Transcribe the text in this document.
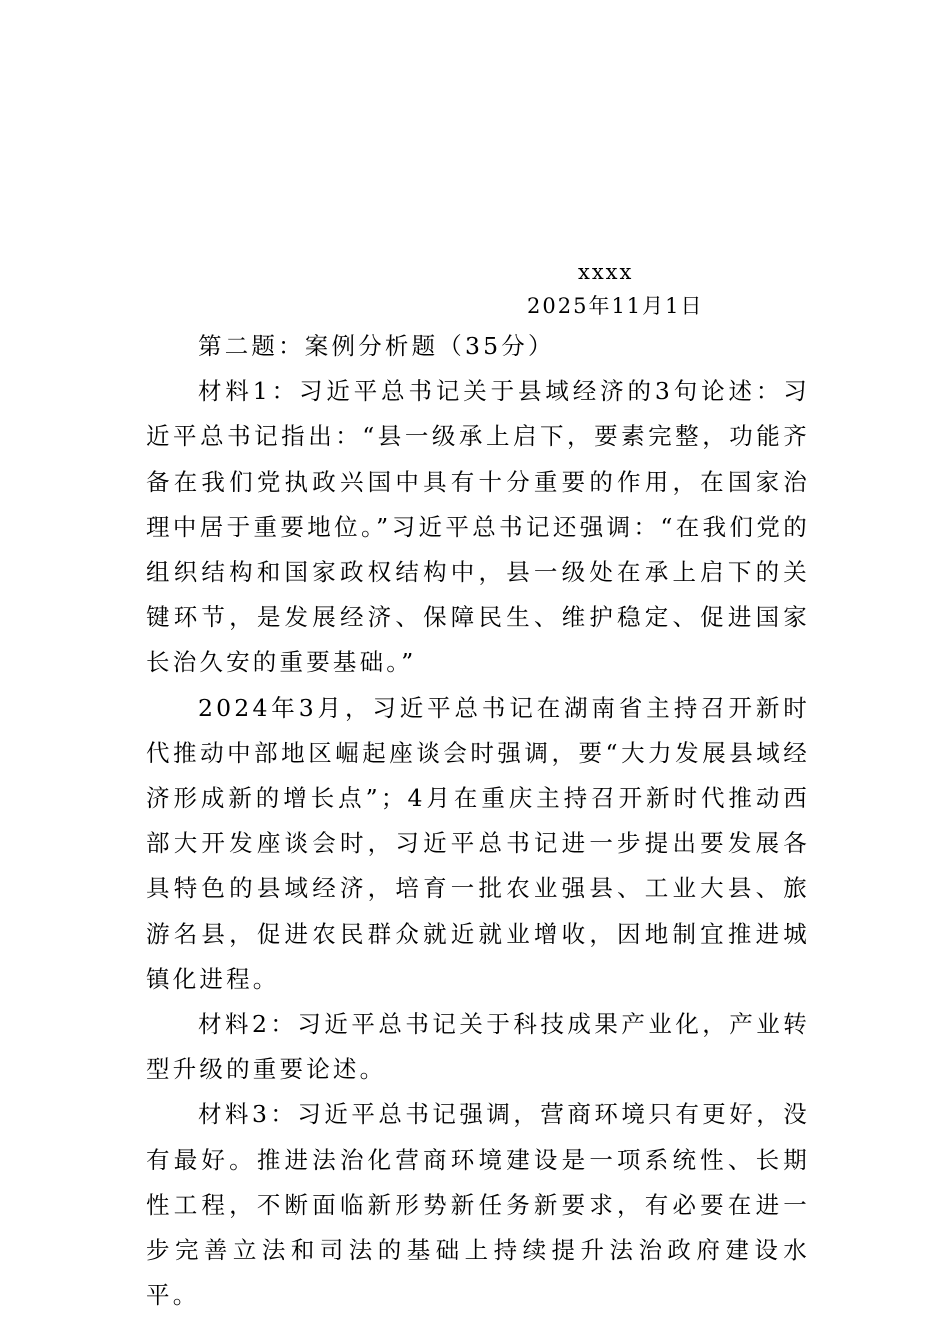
xxxx
2025年11月1日

第二题：案例分析题（35分）

材料1：习近平总书记关于县域经济的3句论述：习近平总书记指出：“县一级承上启下，要素完整，功能齐备在我们党执政兴国中具有十分重要的作用，在国家治理中居于重要地位。”习近平总书记还强调：“在我们党的组织结构和国家政权结构中，县一级处在承上启下的关键环节，是发展经济、保障民生、维护稳定、促进国家长治久安的重要基础。”

2024年3月，习近平总书记在湖南省主持召开新时代推动中部地区崛起座谈会时强调，要“大力发展县域经济形成新的增长点”；4月在重庆主持召开新时代推动西部大开发座谈会时，习近平总书记进一步提出要发展各具特色的县域经济，培育一批农业强县、工业大县、旅游名县，促进农民群众就近就业增收，因地制宜推进城镇化进程。

材料2：习近平总书记关于科技成果产业化，产业转型升级的重要论述。

材料3：习近平总书记强调，营商环境只有更好，没有最好。推进法治化营商环境建设是一项系统性、长期性工程，不断面临新形势新任务新要求，有必要在进一步完善立法和司法的基础上持续提升法治政府建设水平。
